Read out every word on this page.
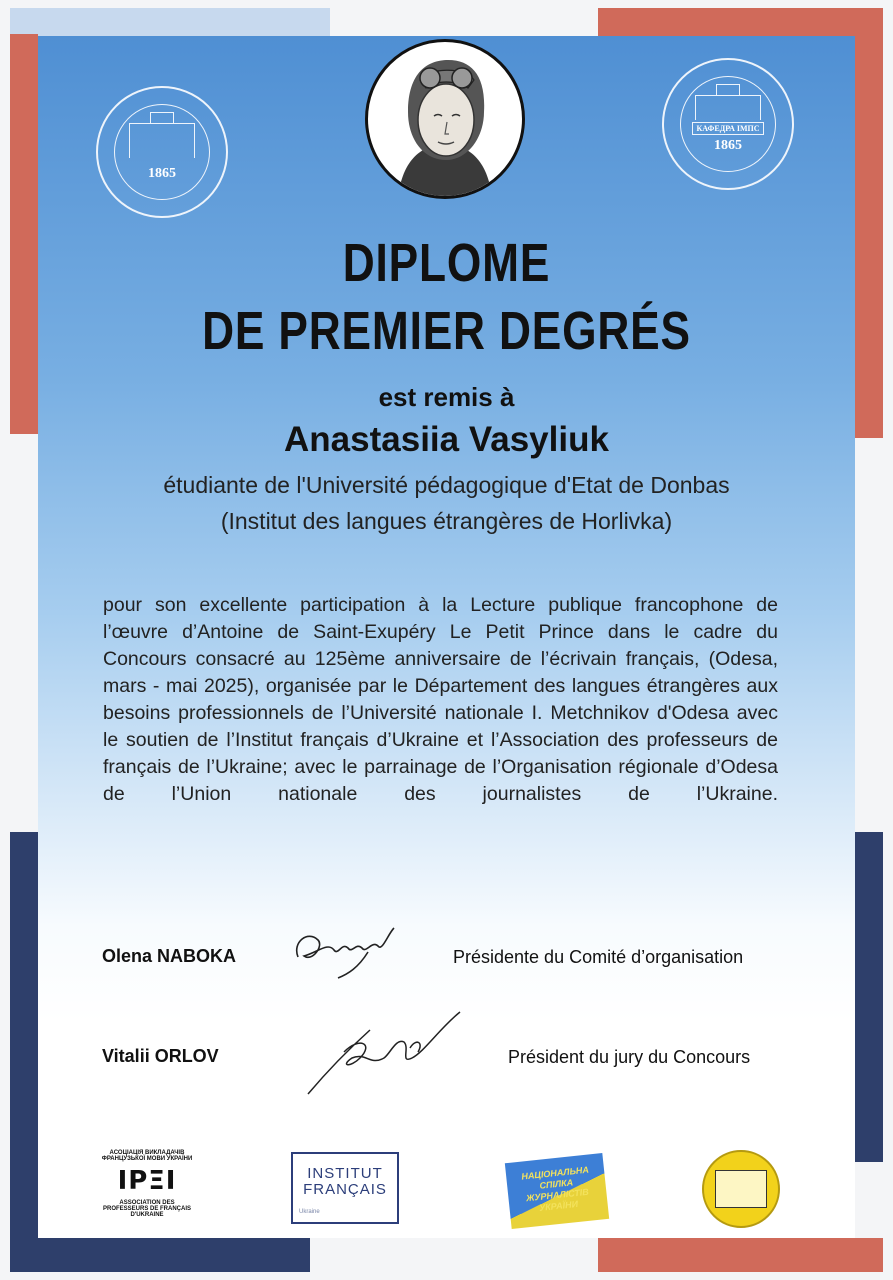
1865
КАФЕДРА ІМПС
1865
DIPLOME
DE PREMIER DEGRÉS
est remis à
Anastasiia Vasyliuk
étudiante de l'Université pédagogique d'Etat de Donbas
(Institut des langues étrangères de Horlivka)
pour son excellente participation à la Lecture publique francophone de l’œuvre d’Antoine de Saint-Exupéry Le Petit Prince dans le cadre du Concours consacré au 125ème anniversaire de l’écrivain français, (Odesa, mars - mai 2025), organisée par le Département des langues étrangères aux besoins professionnels de l’Université nationale I. Metchnikov d'Odesa avec le soutien de l’Institut français d’Ukraine et l’Association des professeurs de français de l’Ukraine; avec le parrainage de l’Organisation régionale d’Odesa de l’Union nationale des journalistes de l’Ukraine.
Olena NABOKA	Présidente du Comité d’organisation
Vitalii ORLOV	Président du jury du Concours
АСОЦІАЦІЯ ВИКЛАДАЧІВ ФРАНЦУЗЬКОЇ МОВИ УКРАЇНИ
ΙΡΞΙ
ASSOCIATION DES PROFESSEURS DE FRANÇAIS D'UKRAINE
INSTITUT
FRANÇAIS
Ukraine
НАЦІОНАЛЬНА СПІЛКА ЖУРНАЛІСТІВ УКРАЇНИ
